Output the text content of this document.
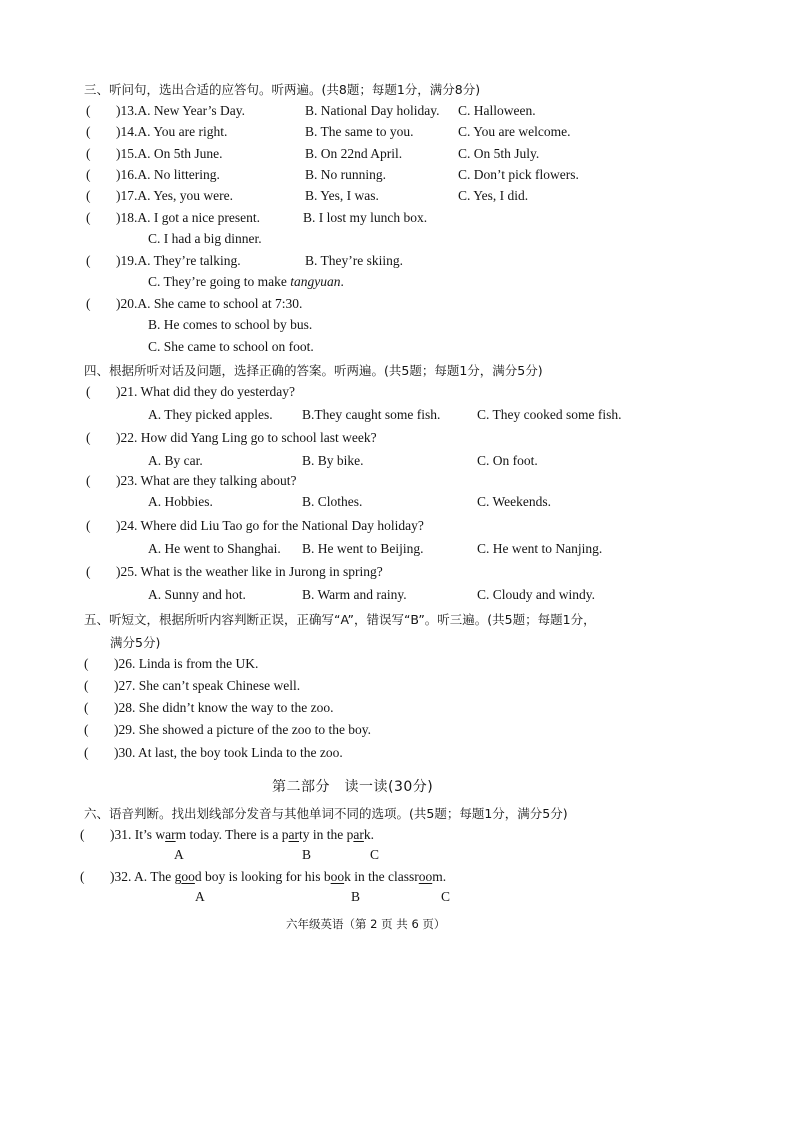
三、听问句，选出合适的应答句。听两遍。(共8题；每题1分，满分8分)
( )13.A. New Year’s Day.	B. National Day holiday. C. Halloween.
( )14.A. You are right.	B. The same to you.	C. You are welcome.
( )15.A. On 5th June.	B. On 22nd April.	C. On 5th July.
( )16.A. No littering.	B. No running.	C. Don’t pick flowers.
( )17.A. Yes, you were.	B. Yes, I was.	C. Yes, I did.
( )18.A. I got a nice present.	B. I lost my lunch box.
C. I had a big dinner.
( )19.A. They’re talking.	B. They’re skiing.
C. They’re going to make tangyuan.
( )20.A. She came to school at 7:30.
B. He comes to school by bus.
C. She came to school on foot.
四、根据所听对话及问题，选择正确的答案。听两遍。(共5题；每题1分，满分5分)
( )21. What did they do yesterday?
A. They picked apples. B.They caught some fish.	C. They cooked some fish.
( )22. How did Yang Ling go to school last week?
A. By car.	B. By bike.	C. On foot.
( )23. What are they talking about?
A. Hobbies.	B. Clothes.	C. Weekends.
( )24. Where did Liu Tao go for the National Day holiday?
A. He went to Shanghai. B. He went to Beijing.	C. He went to Nanjing.
( )25. What is the weather like in Jurong in spring?
A. Sunny and hot.	B. Warm and rainy.	C. Cloudy and windy.
五、听短文，根据所听内容判断正误，正确写“A”，错误写“B”。听三遍。(共5题；每题1分，
满分5分)
( )26. Linda is from the UK.
( )27. She can’t speak Chinese well.
( )28. She didn’t know the way to the zoo.
( )29. She showed a picture of the zoo to the boy.
( )30. At last, the boy took Linda to the zoo.
第二部分　读一读(30分)
六、语音判断。找出划线部分发音与其他单词不同的选项。(共5题；每题1分，满分5分)
( )31. It’s warm today. There is a party in the park.
A	B	C
( )32. A. The good boy is looking for his book in the classroom.
A	B	C
六年级英语（第 2 页 共 6 页）
